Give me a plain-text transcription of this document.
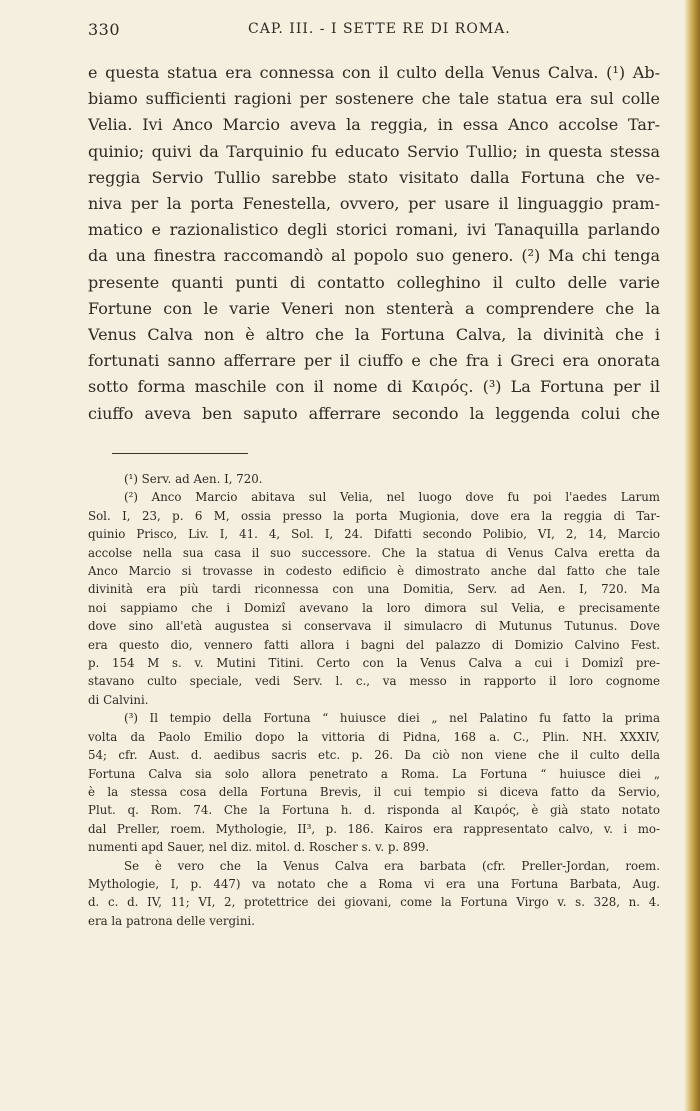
330	CAP. III. - I SETTE RE DI ROMA.
e questa statua era connessa con il culto della Venus Calva. (¹) Ab-
biamo sufficienti ragioni per sostenere che tale statua era sul colle
Velia. Ivi Anco Marcio aveva la reggia, in essa Anco accolse Tar-
quinio; quivi da Tarquinio fu educato Servio Tullio; in questa stessa
reggia Servio Tullio sarebbe stato visitato dalla Fortuna che ve-
niva per la porta Fenestella, ovvero, per usare il linguaggio pram-
matico e razionalistico degli storici romani, ivi Tanaquilla parlando
da una finestra raccomandò al popolo suo genero. (²) Ma chi tenga
presente quanti punti di contatto colleghino il culto delle varie
Fortune con le varie Veneri non stenterà a comprendere che la
Venus Calva non è altro che la Fortuna Calva, la divinità che i
fortunati sanno afferrare per il ciuffo e che fra i Greci era onorata
sotto forma maschile con il nome di Καιρός. (³) La Fortuna per il
ciuffo aveva ben saputo afferrare secondo la leggenda colui che
(¹) Serv. ad Aen. I, 720.
(²) Anco Marcio abitava sul Velia, nel luogo dove fu poi l'aedes Larum
Sol. I, 23, p. 6 M, ossia presso la porta Mugionia, dove era la reggia di Tar-
quinio Prisco, Liv. I, 41. 4, Sol. I, 24. Difatti secondo Polibio, VI, 2, 14, Marcio
accolse nella sua casa il suo successore. Che la statua di Venus Calva eretta da
Anco Marcio si trovasse in codesto edificio è dimostrato anche dal fatto che tale
divinità era più tardi riconnessa con una Domitia, Serv. ad Aen. I, 720. Ma
noi sappiamo che i Domizî avevano la loro dimora sul Velia, e precisamente
dove sino all'età augustea si conservava il simulacro di Mutunus Tutunus. Dove
era questo dio, vennero fatti allora i bagni del palazzo di Domizio Calvino Fest.
p. 154 M s. v. Mutini Titini. Certo con la Venus Calva a cui i Domizî pre-
stavano culto speciale, vedi Serv. l. c., va messo in rapporto il loro cognome
di Calvini.
(³) Il tempio della Fortuna “ huiusce diei „ nel Palatino fu fatto la prima
volta da Paolo Emilio dopo la vittoria di Pidna, 168 a. C., Plin. NH. XXXIV,
54; cfr. Aust. d. aedibus sacris etc. p. 26. Da ciò non viene che il culto della
Fortuna Calva sia solo allora penetrato a Roma. La Fortuna “ huiusce diei „
è la stessa cosa della Fortuna Brevis, il cui tempio si diceva fatto da Servio,
Plut. q. Rom. 74. Che la Fortuna h. d. risponda al Καιρός, è già stato notato
dal Preller, roem. Mythologie, II³, p. 186. Kairos era rappresentato calvo, v. i mo-
numenti apd Sauer, nel diz. mitol. d. Roscher s. v. p. 899.
Se è vero che la Venus Calva era barbata (cfr. Preller-Jordan, roem.
Mythologie, I, p. 447) va notato che a Roma vi era una Fortuna Barbata, Aug.
d. c. d. IV, 11; VI, 2, protettrice dei giovani, come la Fortuna Virgo v. s. 328, n. 4.
era la patrona delle vergini.
